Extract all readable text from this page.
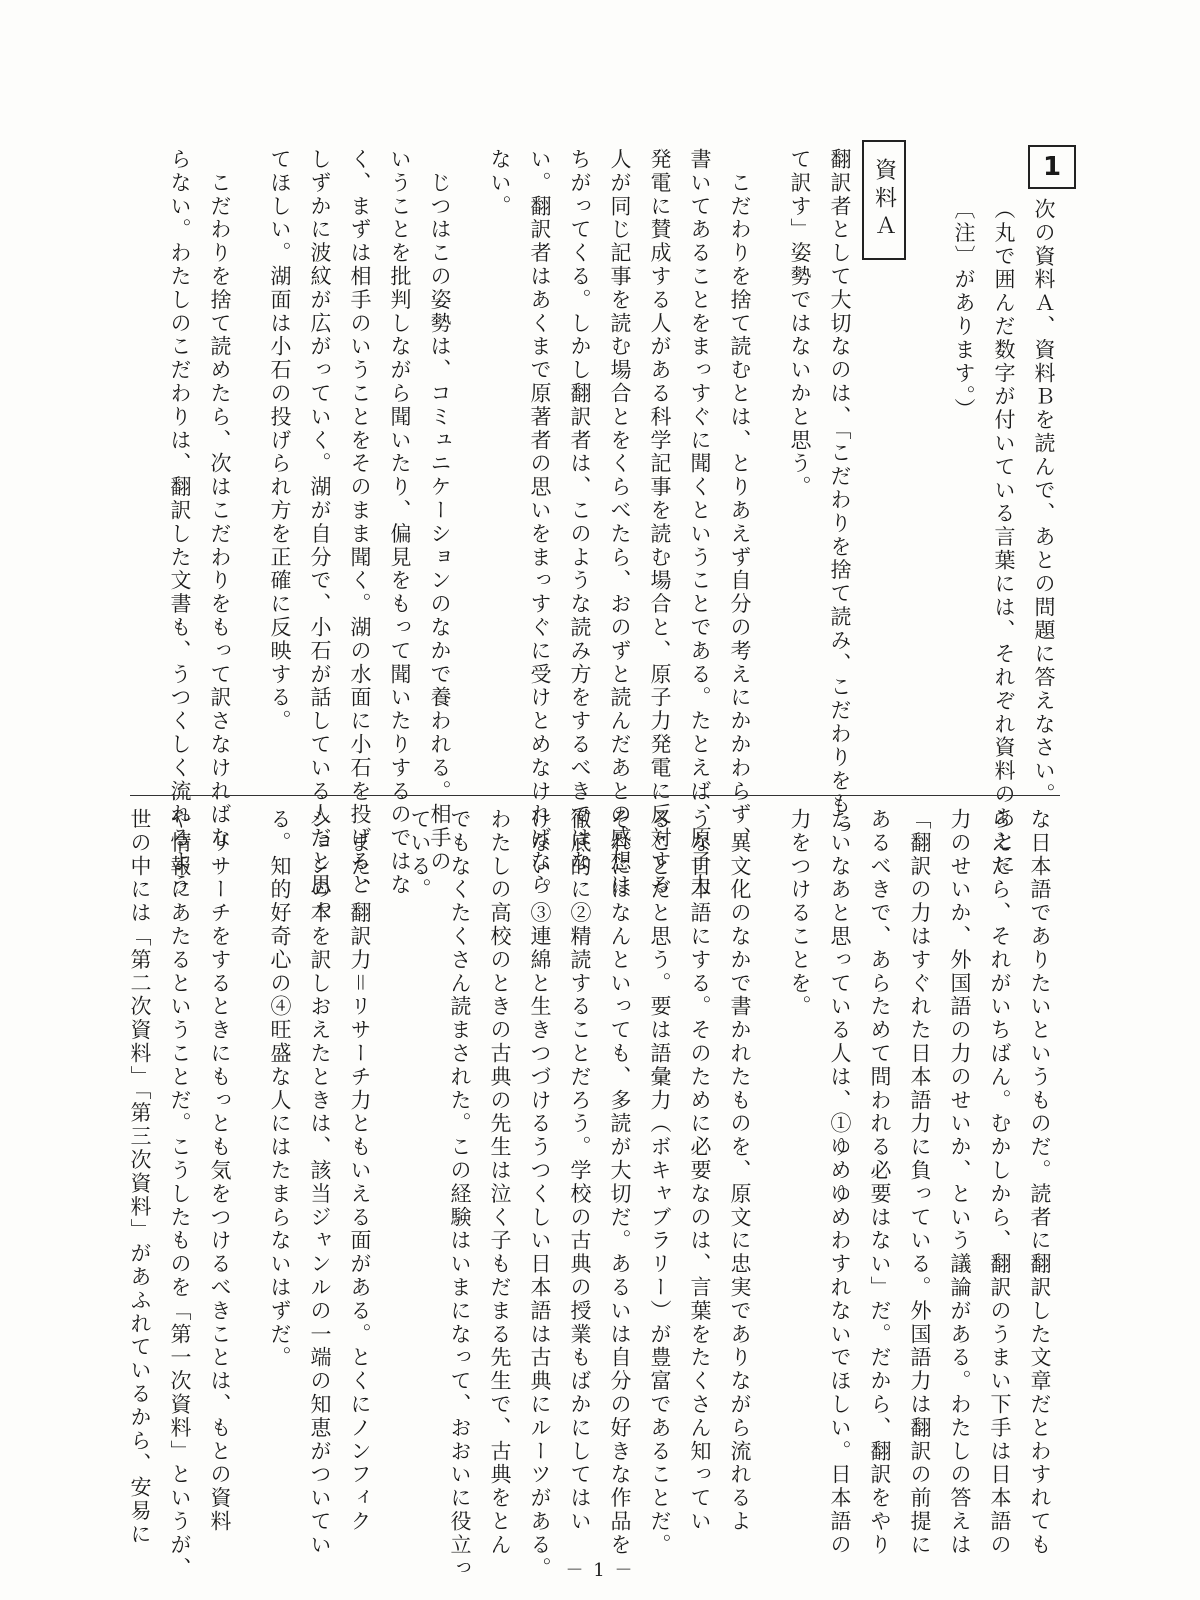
1
次の資料Ａ、資料Ｂを読んで、あとの問題に答えなさい。
（丸で囲んだ数字が付いている言葉には、それぞれ資料のあとに
〔注〕があります。）
資料Ａ
翻訳者として大切なのは、「こだわりを捨て読み、こだわりをもっ
て訳す」姿勢ではないかと思う。
　こだわりを捨て読むとは、とりあえず自分の考えにかかわらず、
書いてあることをまっすぐに聞くということである。たとえば、原子力
発電に賛成する人がある科学記事を読む場合と、原子力発電に反対する
人が同じ記事を読む場合とをくらべたら、おのずと読んだあとの感想は
ちがってくる。しかし翻訳者は、このような読み方をするべきではな
い。翻訳者はあくまで原著者の思いをまっすぐに受けとめなければなら
ない。
　じつはこの姿勢は、コミュニケーションのなかで養われる。相手の
いうことを批判しながら聞いたり、偏見をもって聞いたりするのではな
く、まずは相手のいうことをそのまま聞く。湖の水面に小石を投げると
しずかに波紋が広がっていく。湖が自分で、小石が話している人だと思っ
てほしい。湖面は小石の投げられ方を正確に反映する。
　こだわりを捨て読めたら、次はこだわりをもって訳さなければな
らない。わたしのこだわりは、翻訳した文書も、うつくしく流れるよう
な日本語でありたいというものだ。読者に翻訳した文章だとわすれても
らえたら、それがいちばん。むかしから、翻訳のうまい下手は日本語の
力のせいか、外国語の力のせいか、という議論がある。わたしの答えは
「翻訳の力はすぐれた日本語力に負っている。外国語力は翻訳の前提に
あるべきで、あらためて問われる必要はない」だ。だから、翻訳をやり
たいなあと思っている人は、①ゆめゆめわすれないでほしい。日本語の
力をつけることを。
　異文化のなかで書かれたものを、原文に忠実でありながら流れるよ
うな日本語にする。そのために必要なのは、言葉をたくさん知ってい
ることだと思う。要は語彙力（ボキャブラリー）が豊富であることだ。
それにはなんといっても、多読が大切だ。あるいは自分の好きな作品を
徹底的に②精読することだろう。学校の古典の授業もばかにしてはい
けない。③連綿と生きつづけるうつくしい日本語は古典にルーツがある。
わたしの高校のときの古典の先生は泣く子もだまる先生で、古典をとん
でもなくたくさん読まされた。この経験はいまになって、おおいに役立っ
ている。
　また、翻訳力＝リサーチ力ともいえる面がある。とくにノンフィク
ションの本を訳しおえたときは、該当ジャンルの一端の知恵がついてい
る。知的好奇心の④旺盛な人にはたまらないはずだ。
　リサーチをするときにもっとも気をつけるべきことは、もとの資料
や情報にあたるということだ。こうしたものを「第一次資料」というが、
世の中には「第二次資料」「第三次資料」があふれているから、安易に
－ 1 －
